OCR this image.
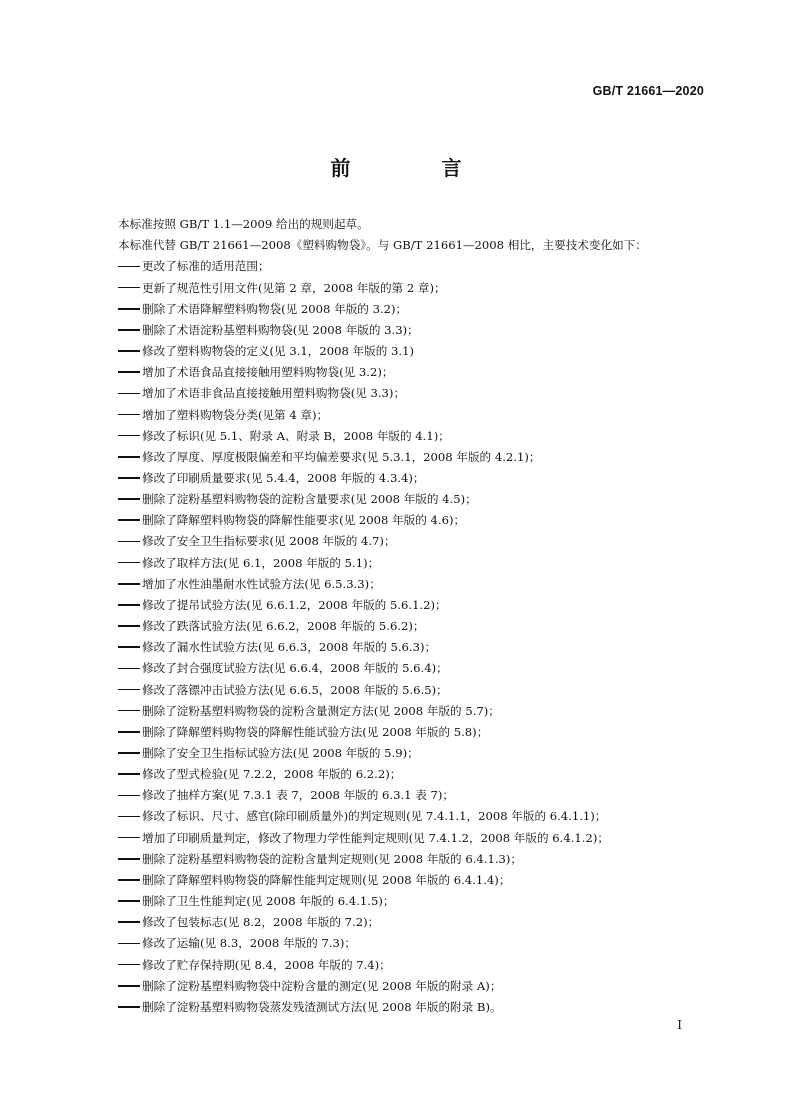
GB/T 21661—2020
前 言
本标准按照 GB/T 1.1—2009 给出的规则起草。
本标准代替 GB/T 21661—2008《塑料购物袋》。与 GB/T 21661—2008 相比，主要技术变化如下：
更改了标准的适用范围；
更新了规范性引用文件(见第 2 章，2008 年版的第 2 章)；
删除了术语降解塑料购物袋(见 2008 年版的 3.2)；
删除了术语淀粉基塑料购物袋(见 2008 年版的 3.3)；
修改了塑料购物袋的定义(见 3.1，2008 年版的 3.1)
增加了术语食品直接接触用塑料购物袋(见 3.2)；
增加了术语非食品直接接触用塑料购物袋(见 3.3)；
增加了塑料购物袋分类(见第 4 章)；
修改了标识(见 5.1、附录 A、附录 B，2008 年版的 4.1)；
修改了厚度、厚度极限偏差和平均偏差要求(见 5.3.1，2008 年版的 4.2.1)；
修改了印刷质量要求(见 5.4.4，2008 年版的 4.3.4)；
删除了淀粉基塑料购物袋的淀粉含量要求(见 2008 年版的 4.5)；
删除了降解塑料购物袋的降解性能要求(见 2008 年版的 4.6)；
修改了安全卫生指标要求(见 2008 年版的 4.7)；
修改了取样方法(见 6.1，2008 年版的 5.1)；
增加了水性油墨耐水性试验方法(见 6.5.3.3)；
修改了提吊试验方法(见 6.6.1.2，2008 年版的 5.6.1.2)；
修改了跌落试验方法(见 6.6.2，2008 年版的 5.6.2)；
修改了漏水性试验方法(见 6.6.3，2008 年版的 5.6.3)；
修改了封合强度试验方法(见 6.6.4，2008 年版的 5.6.4)；
修改了落镖冲击试验方法(见 6.6.5，2008 年版的 5.6.5)；
删除了淀粉基塑料购物袋的淀粉含量测定方法(见 2008 年版的 5.7)；
删除了降解塑料购物袋的降解性能试验方法(见 2008 年版的 5.8)；
删除了安全卫生指标试验方法(见 2008 年版的 5.9)；
修改了型式检验(见 7.2.2，2008 年版的 6.2.2)；
修改了抽样方案(见 7.3.1 表 7，2008 年版的 6.3.1 表 7)；
修改了标识、尺寸、感官(除印刷质量外)的判定规则(见 7.4.1.1，2008 年版的 6.4.1.1)；
增加了印刷质量判定，修改了物理力学性能判定规则(见 7.4.1.2，2008 年版的 6.4.1.2)；
删除了淀粉基塑料购物袋的淀粉含量判定规则(见 2008 年版的 6.4.1.3)；
删除了降解塑料购物袋的降解性能判定规则(见 2008 年版的 6.4.1.4)；
删除了卫生性能判定(见 2008 年版的 6.4.1.5)；
修改了包装标志(见 8.2，2008 年版的 7.2)；
修改了运输(见 8.3，2008 年版的 7.3)；
修改了贮存保持期(见 8.4，2008 年版的 7.4)；
删除了淀粉基塑料购物袋中淀粉含量的测定(见 2008 年版的附录 A)；
删除了淀粉基塑料购物袋蒸发残渣测试方法(见 2008 年版的附录 B)。
I
